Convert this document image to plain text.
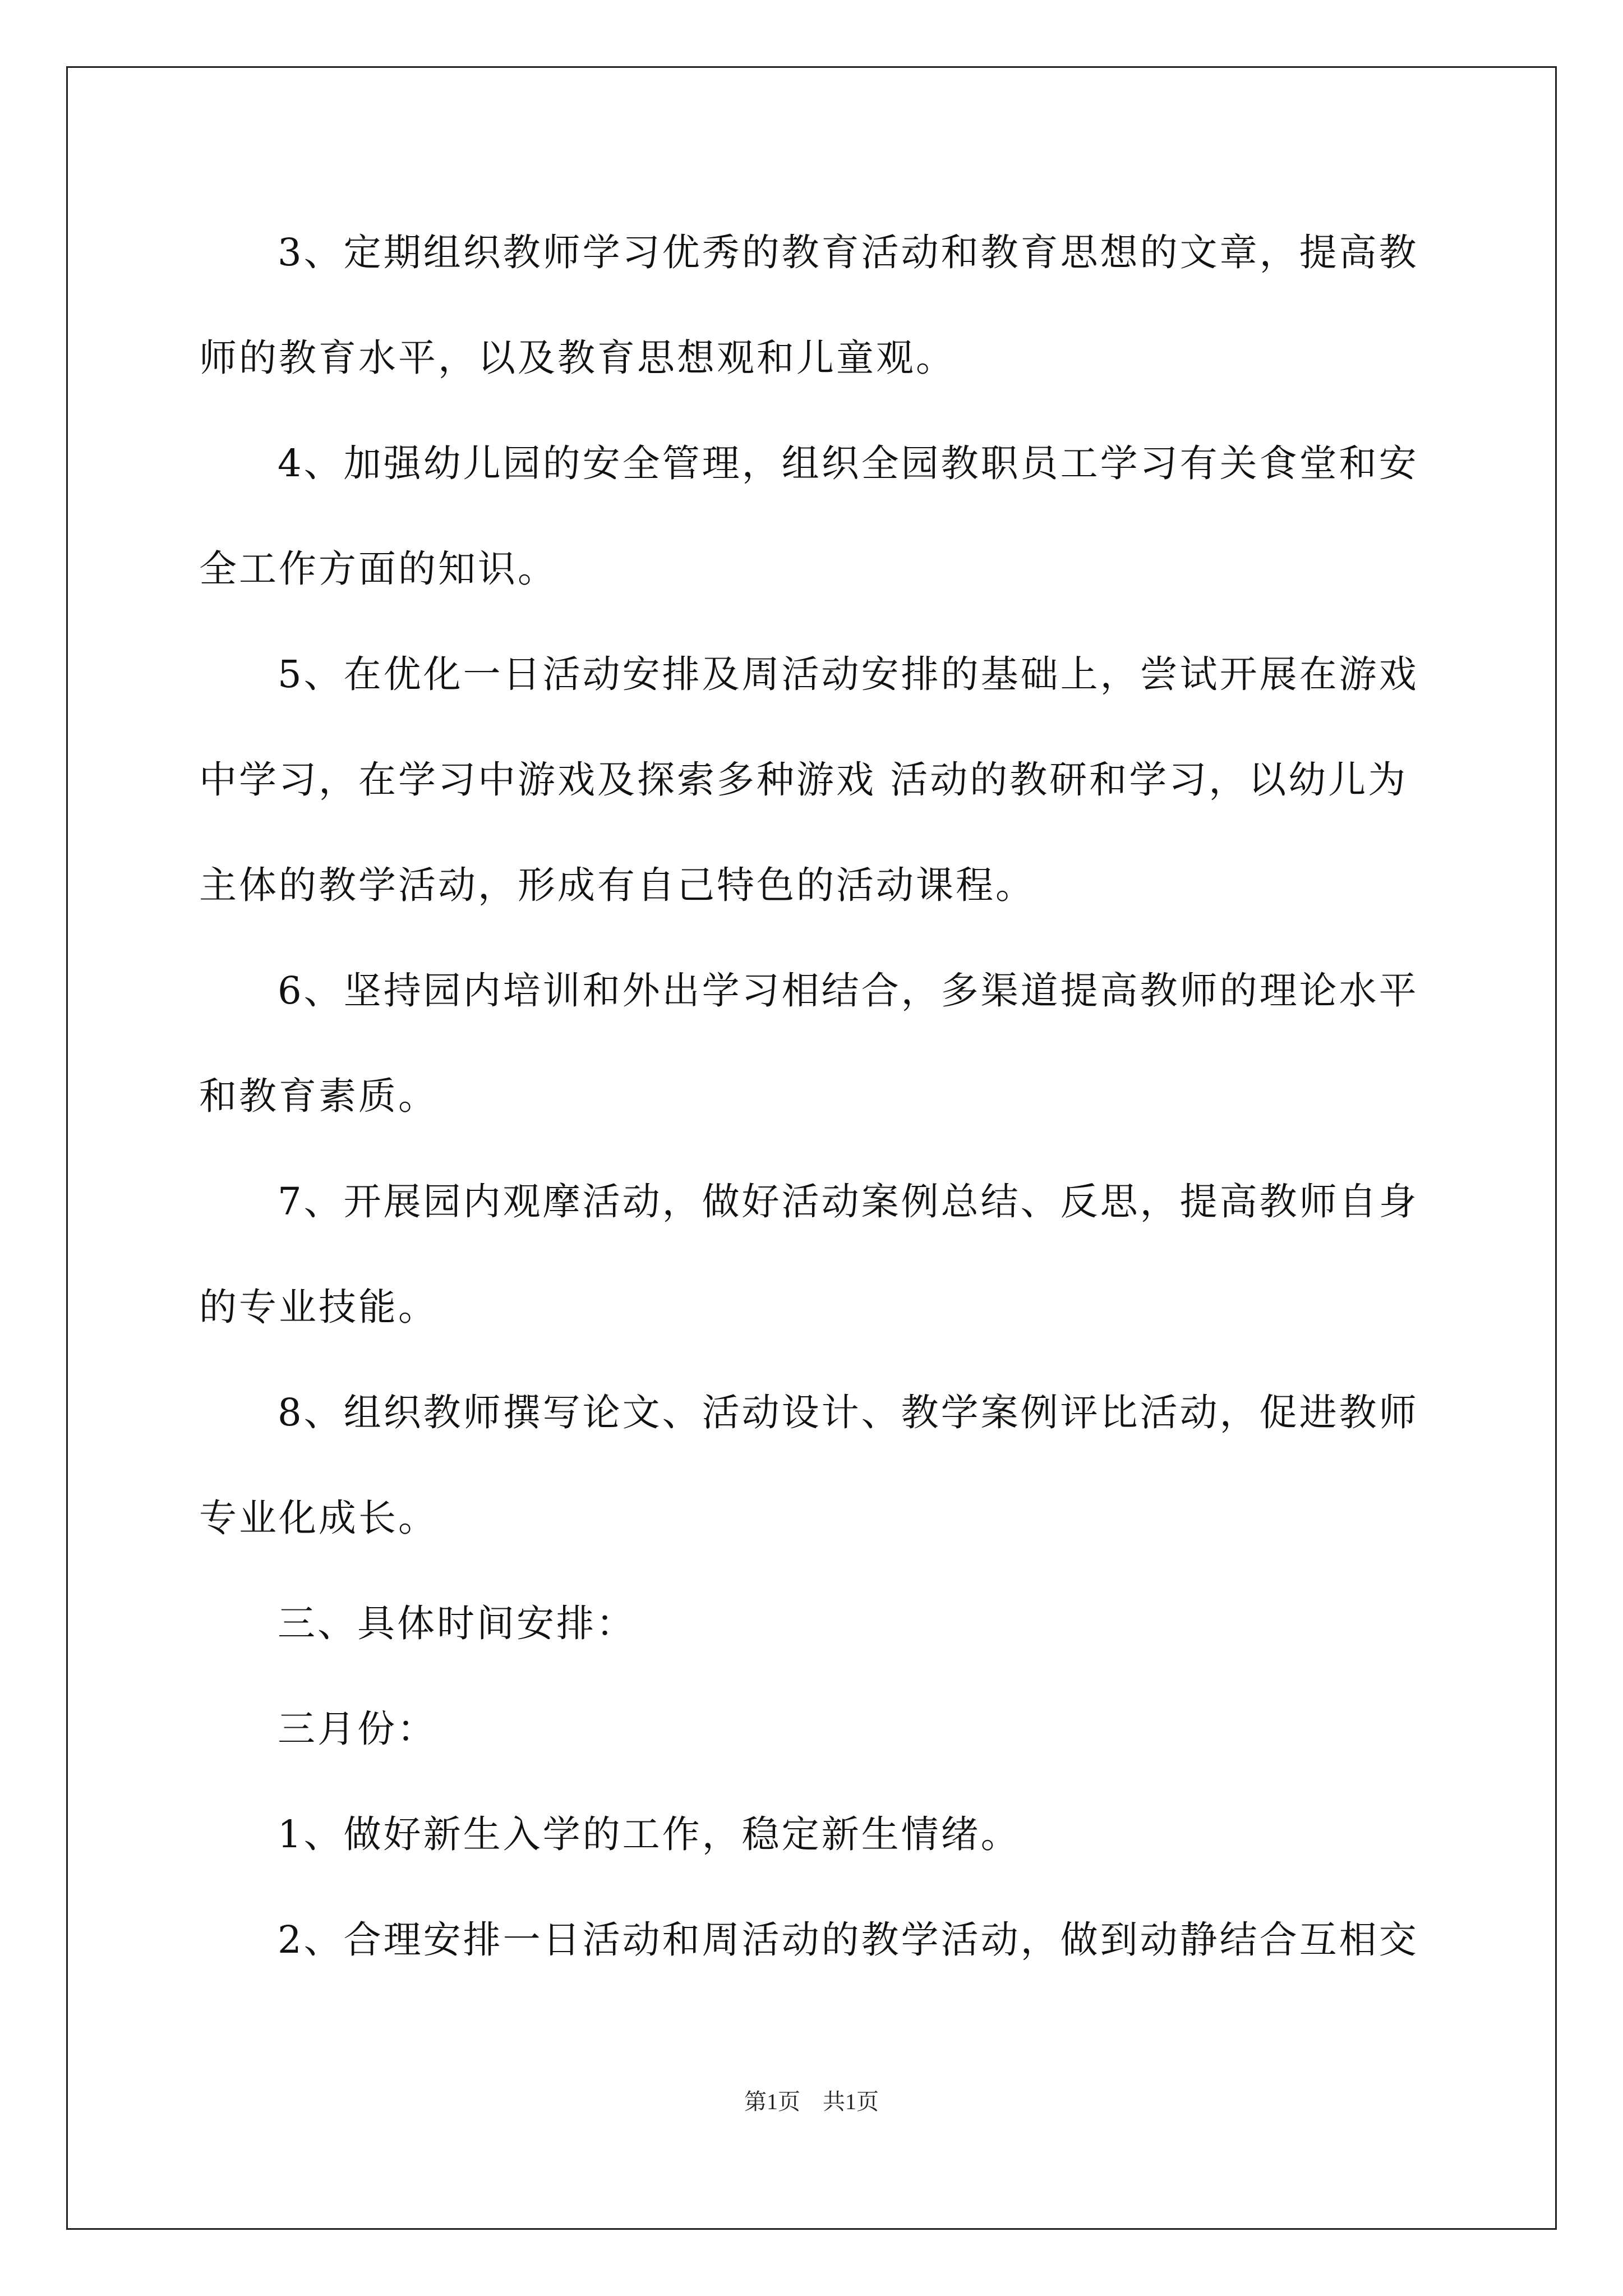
3、定期组织教师学习优秀的教育活动和教育思想的文章，提高教

师的教育水平，以及教育思想观和儿童观。

4、加强幼儿园的安全管理，组织全园教职员工学习有关食堂和安

全工作方面的知识。

5、在优化一日活动安排及周活动安排的基础上，尝试开展在游戏

中学习，在学习中游戏及探索多种游戏 活动的教研和学习，以幼儿为

主体的教学活动，形成有自己特色的活动课程。

6、坚持园内培训和外出学习相结合，多渠道提高教师的理论水平

和教育素质。

7、开展园内观摩活动，做好活动案例总结、反思，提高教师自身

的专业技能。

8、组织教师撰写论文、活动设计、教学案例评比活动，促进教师

专业化成长。

三、具体时间安排：

三月份：

1、做好新生入学的工作，稳定新生情绪。

2、合理安排一日活动和周活动的教学活动，做到动静结合互相交

第1页　共1页
